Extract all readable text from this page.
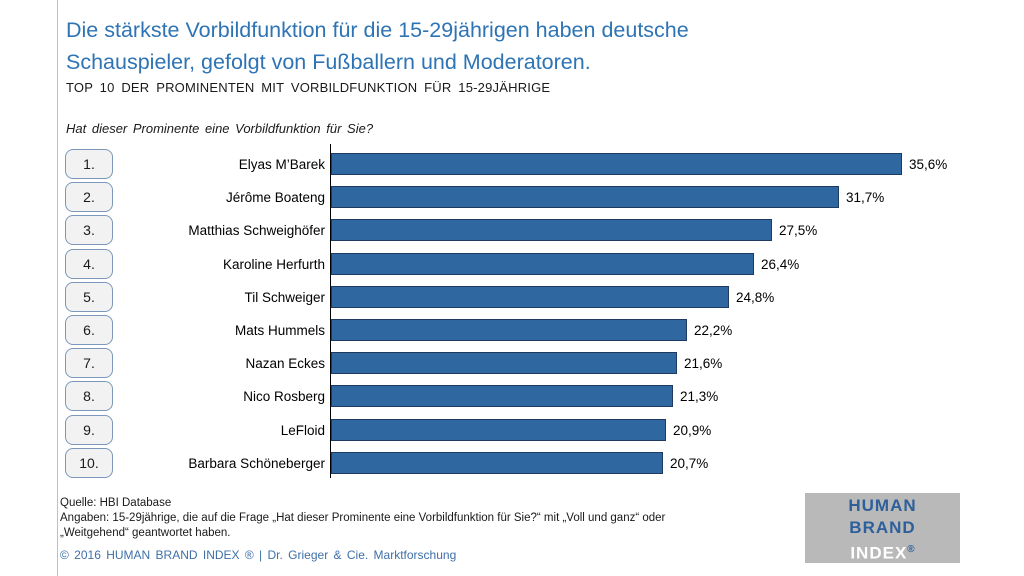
Die stärkste Vorbildfunktion für die 15-29jährigen haben deutsche
Schauspieler, gefolgt von Fußballern und Moderatoren.
TOP 10 DER PROMINENTEN MIT VORBILDFUNKTION FÜR 15-29JÄHRIGE
Hat dieser Prominente eine Vorbildfunktion für Sie?
1.	Elyas M’Barek	35,6%
2.	Jérôme Boateng	31,7%
3.	Matthias Schweighöfer	27,5%
4.	Karoline Herfurth	26,4%
5.	Til Schweiger	24,8%
6.	Mats Hummels	22,2%
7.	Nazan Eckes	21,6%
8.	Nico Rosberg	21,3%
9.	LeFloid	20,9%
10.	Barbara Schöneberger	20,7%
Quelle: HBI Database
Angaben: 15-29jährige, die auf die Frage „Hat dieser Prominente eine Vorbildfunktion für Sie?“ mit „Voll und ganz“ oder
„Weitgehend“ geantwortet haben.
© 2016 HUMAN BRAND INDEX ® | Dr. Grieger & Cie. Marktforschung
HUMAN
BRAND
INDEX®
